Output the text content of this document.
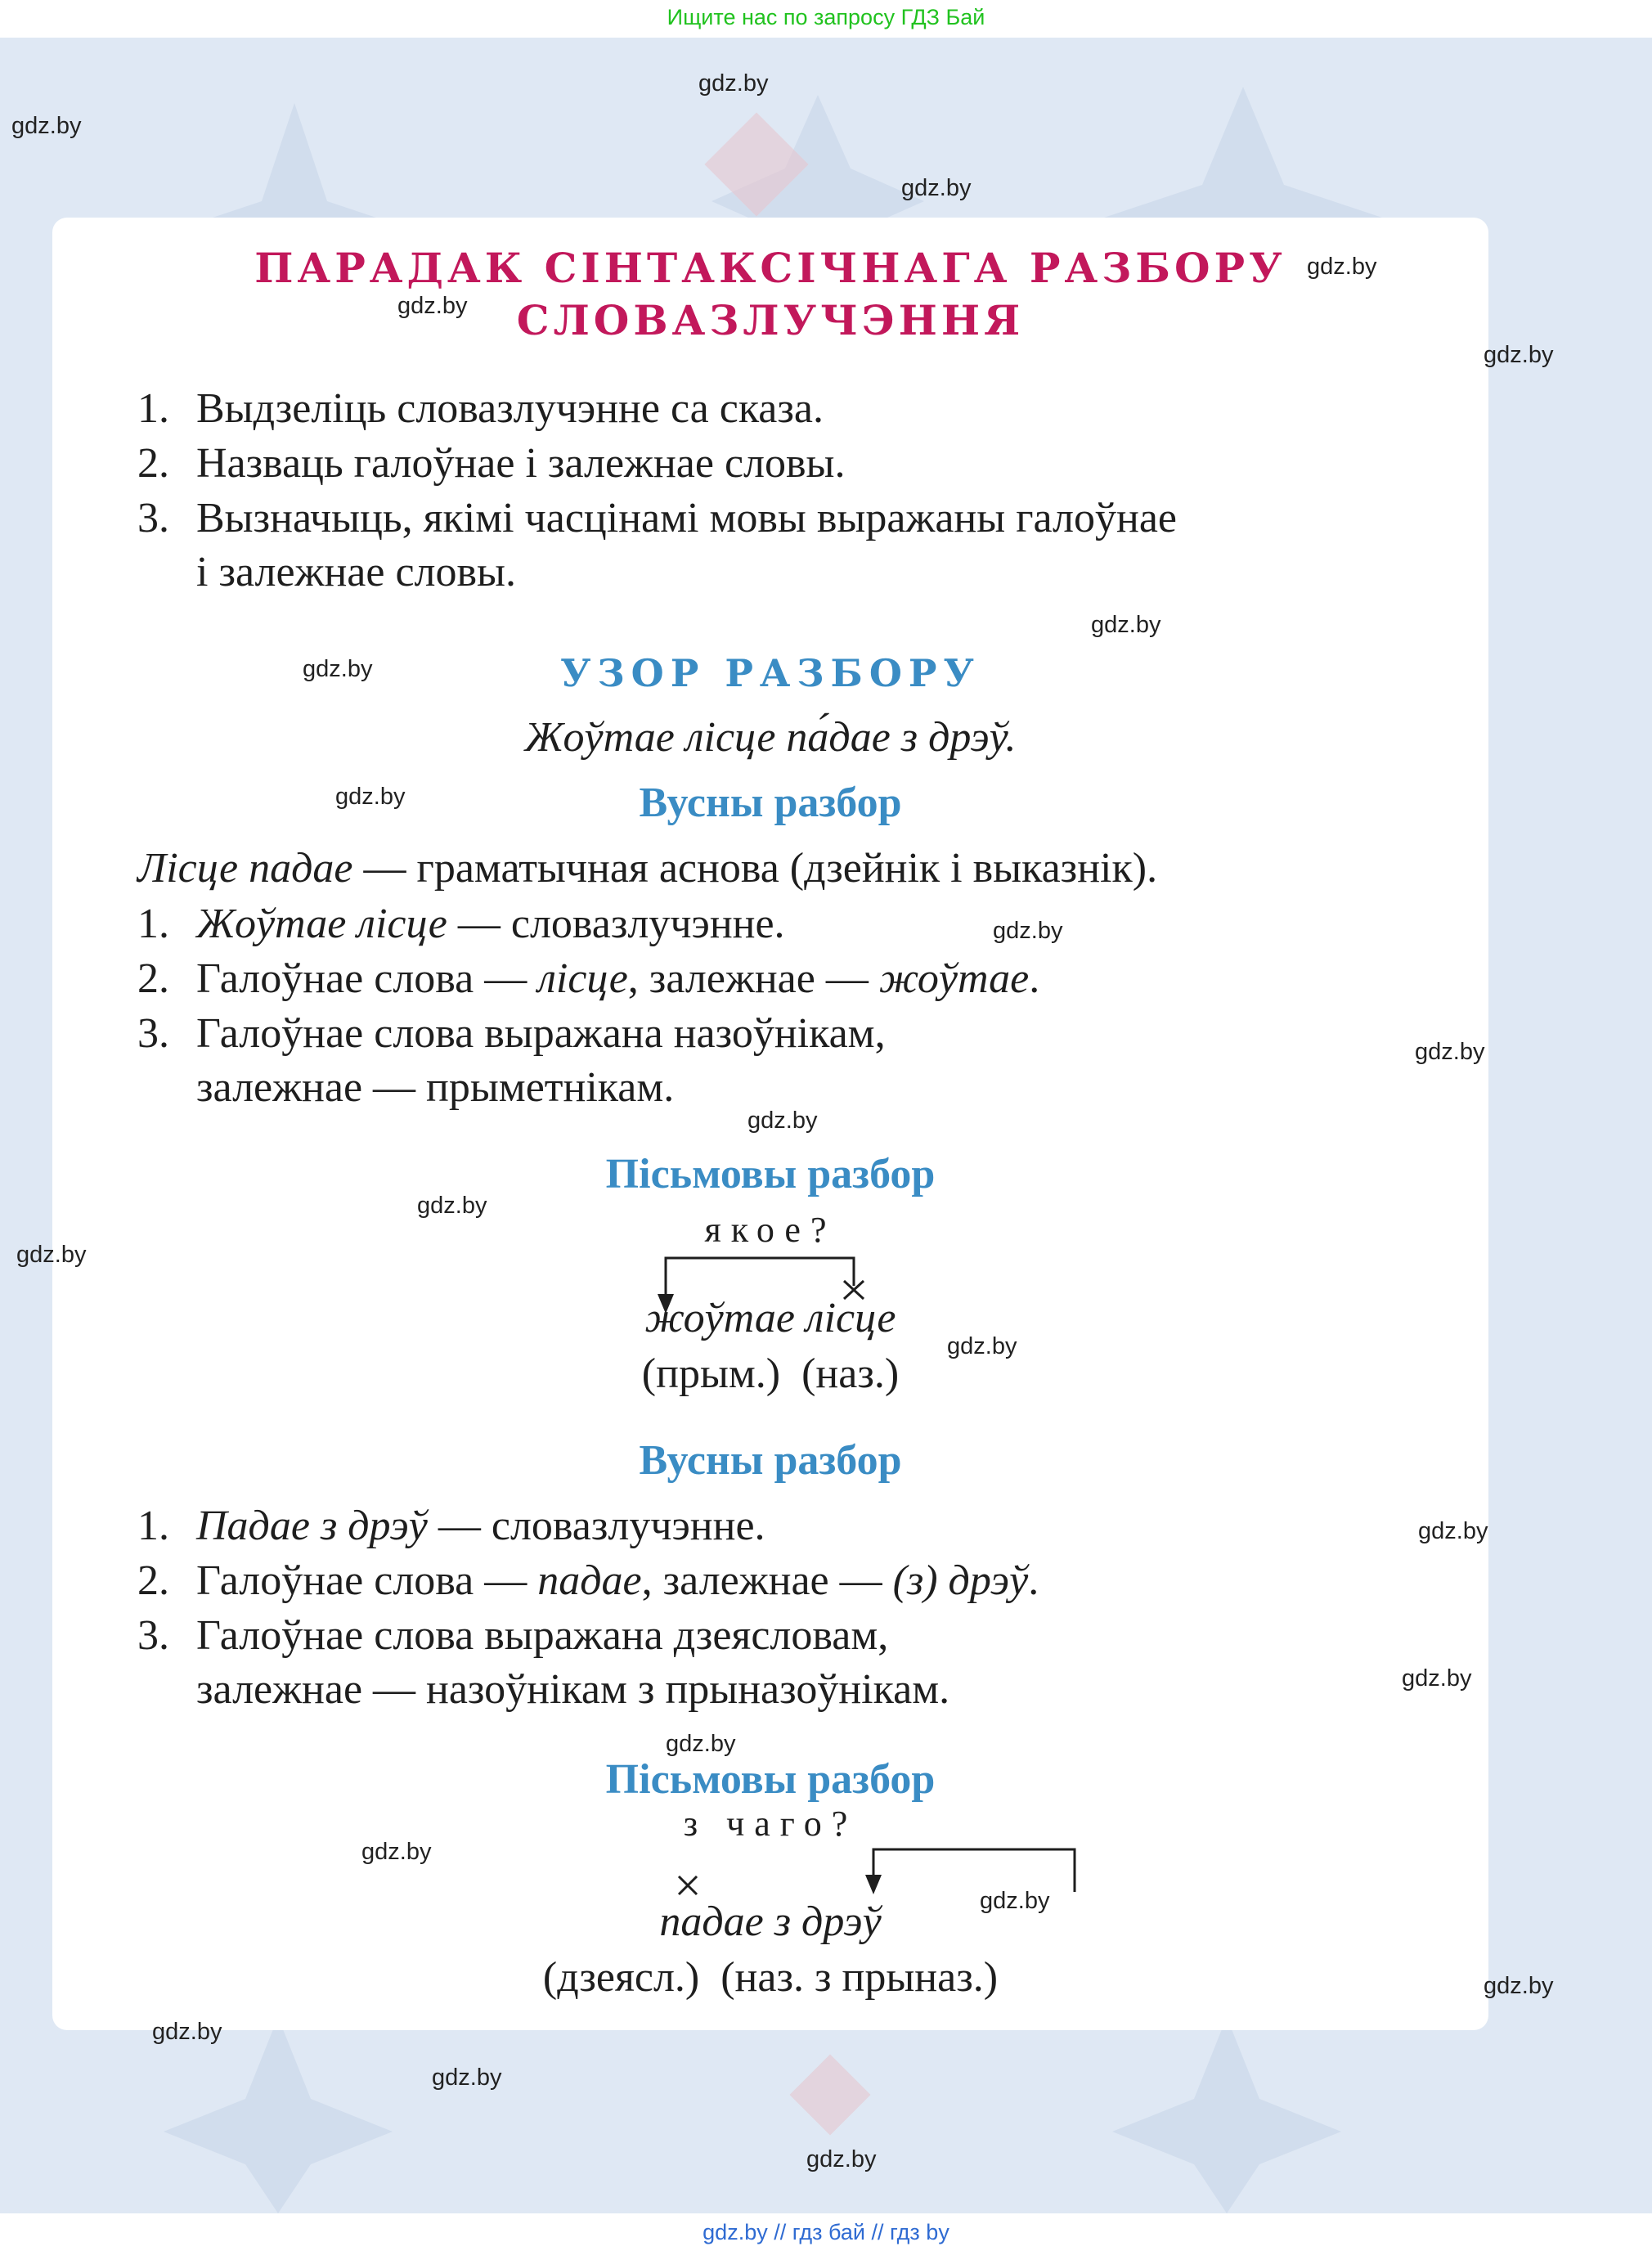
Ищите нас по запросу ГДЗ Бай
ПАРАДАК СІНТАКСІЧНАГА РАЗБОРУ
СЛОВАЗЛУЧЭННЯ
1. Выдзеліць словазлучэнне са сказа.
2. Назваць галоўнае і залежнае словы.
3. Вызначыць, якімі часцінамі мовы выражаны галоўнае
і залежнае словы.
УЗОР РАЗБОРУ
Жоўтае лісце па́дае з дрэў.
Вусны разбор
Лісце падае — граматычная аснова (дзейнік і выказнік).
1. Жоўтае лісце — словазлучэнне.
2. Галоўнае слова — лісце, залежнае — жоўтае.
3. Галоўнае слова выражана назоўнікам,
залежнае — прыметнікам.
Пісьмовы разбор
якое?
жоўтае лісце
(прым.)  (наз.)
Вусны разбор
1. Падае з дрэў — словазлучэнне.
2. Галоўнае слова — падае, залежнае — (з) дрэў.
3. Галоўнае слова выражана дзеясловам,
залежнае — назоўнікам з прыназоўнікам.
Пісьмовы разбор
з чаго?
падае з дрэў
(дзеясл.)  (наз. з прыназ.)
gdz.by
gdz.by
gdz.by
gdz.by
gdz.by
gdz.by
gdz.by
gdz.by
gdz.by
gdz.by
gdz.by
gdz.by
gdz.by
gdz.by
gdz.by
gdz.by
gdz.by
gdz.by
gdz.by
gdz.by
gdz.by
gdz.by
gdz.by
gdz.by
gdz.by // гдз бай // гдз by
